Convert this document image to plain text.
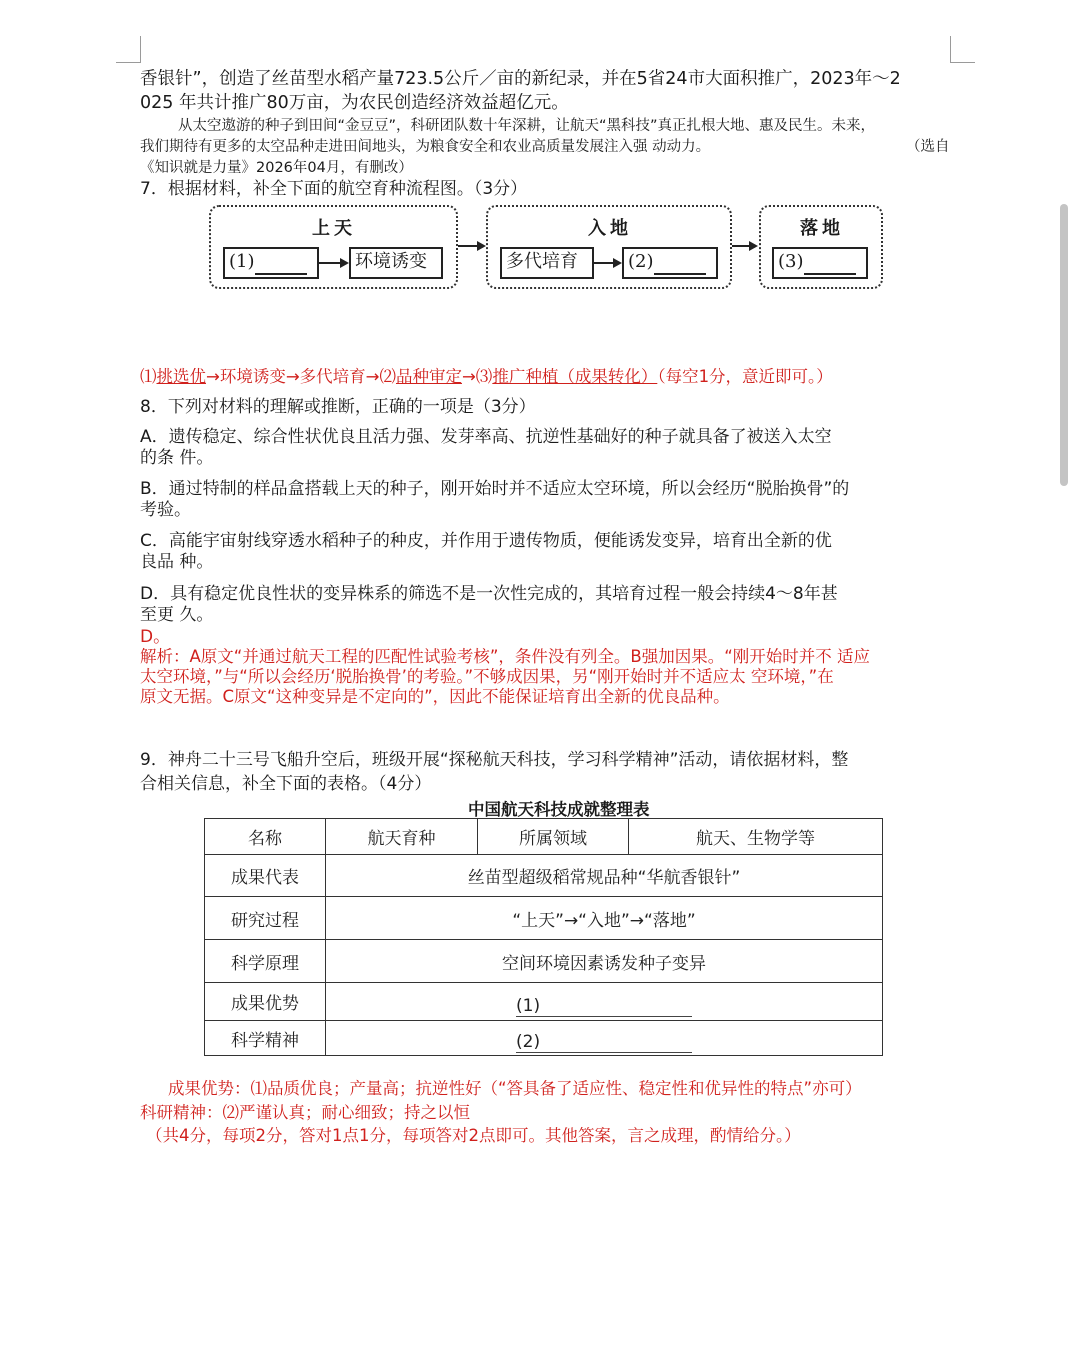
香银针”，创造了丝苗型水稻产量723.5公斤／亩的新纪录，并在5省24市大面积推广，2023年～2
025 年共计推广80万亩，为农民创造经济效益超亿元。
从太空遨游的种子到田间“金豆豆”，科研团队数十年深耕，让航天“黑科技”真正扎根大地、惠及民生。未来，
我们期待有更多的太空品种走进田间地头，为粮食安全和农业高质量发展注入强 动动力。	（选自
《知识就是力量》2026年04月，有删改）
7．根据材料，补全下面的航空育种流程图。（3分）
上天
(1)	环境诱变
入地
多代培育	(2)
落地
(3)
⑴挑选优→环境诱变→多代培育→⑵品种审定→⑶推广种植（成果转化）（每空1分，意近即可。）
8．下列对材料的理解或推断，正确的一项是（3分）
A．遗传稳定、综合性状优良且活力强、发芽率高、抗逆性基础好的种子就具备了被送入太空
的条 件。
B．通过特制的样品盒搭载上天的种子，刚开始时并不适应太空环境，所以会经历“脱胎换骨”的
考验。
C．高能宇宙射线穿透水稻种子的种皮，并作用于遗传物质，便能诱发变异，培育出全新的优
良品 种。
D．具有稳定优良性状的变异株系的筛选不是一次性完成的，其培育过程一般会持续4～8年甚
至更 久。
D。
解析：A原文“并通过航天工程的匹配性试验考核”，条件没有列全。B强加因果。“刚开始时并不 适应
太空环境，”与“所以会经历‘脱胎换骨’的考验。”不够成因果，另“刚开始时并不适应太 空环境，”在
原文无据。C原文“这种变异是不定向的”，因此不能保证培育出全新的优良品种。
9．神舟二十三号飞船升空后，班级开展“探秘航天科技，学习科学精神”活动，请依据材料，整
合相关信息，补全下面的表格。（4分）
中国航天科技成就整理表
名称	航天育种	所属领域	航天、生物学等
成果代表	丝苗型超级稻常规品种“华航香银针”		
研究过程	“上天”→“入地”→“落地”		
科学原理	空间环境因素诱发种子变异		
成果优势	(1)		
科学精神	(2)		
成果优势：⑴品质优良；产量高；抗逆性好（“答具备了适应性、稳定性和优异性的特点”亦可）
科研精神：⑵严谨认真；耐心细致；持之以恒
（共4分，每项2分，答对1点1分，每项答对2点即可。其他答案，言之成理，酌情给分。）
